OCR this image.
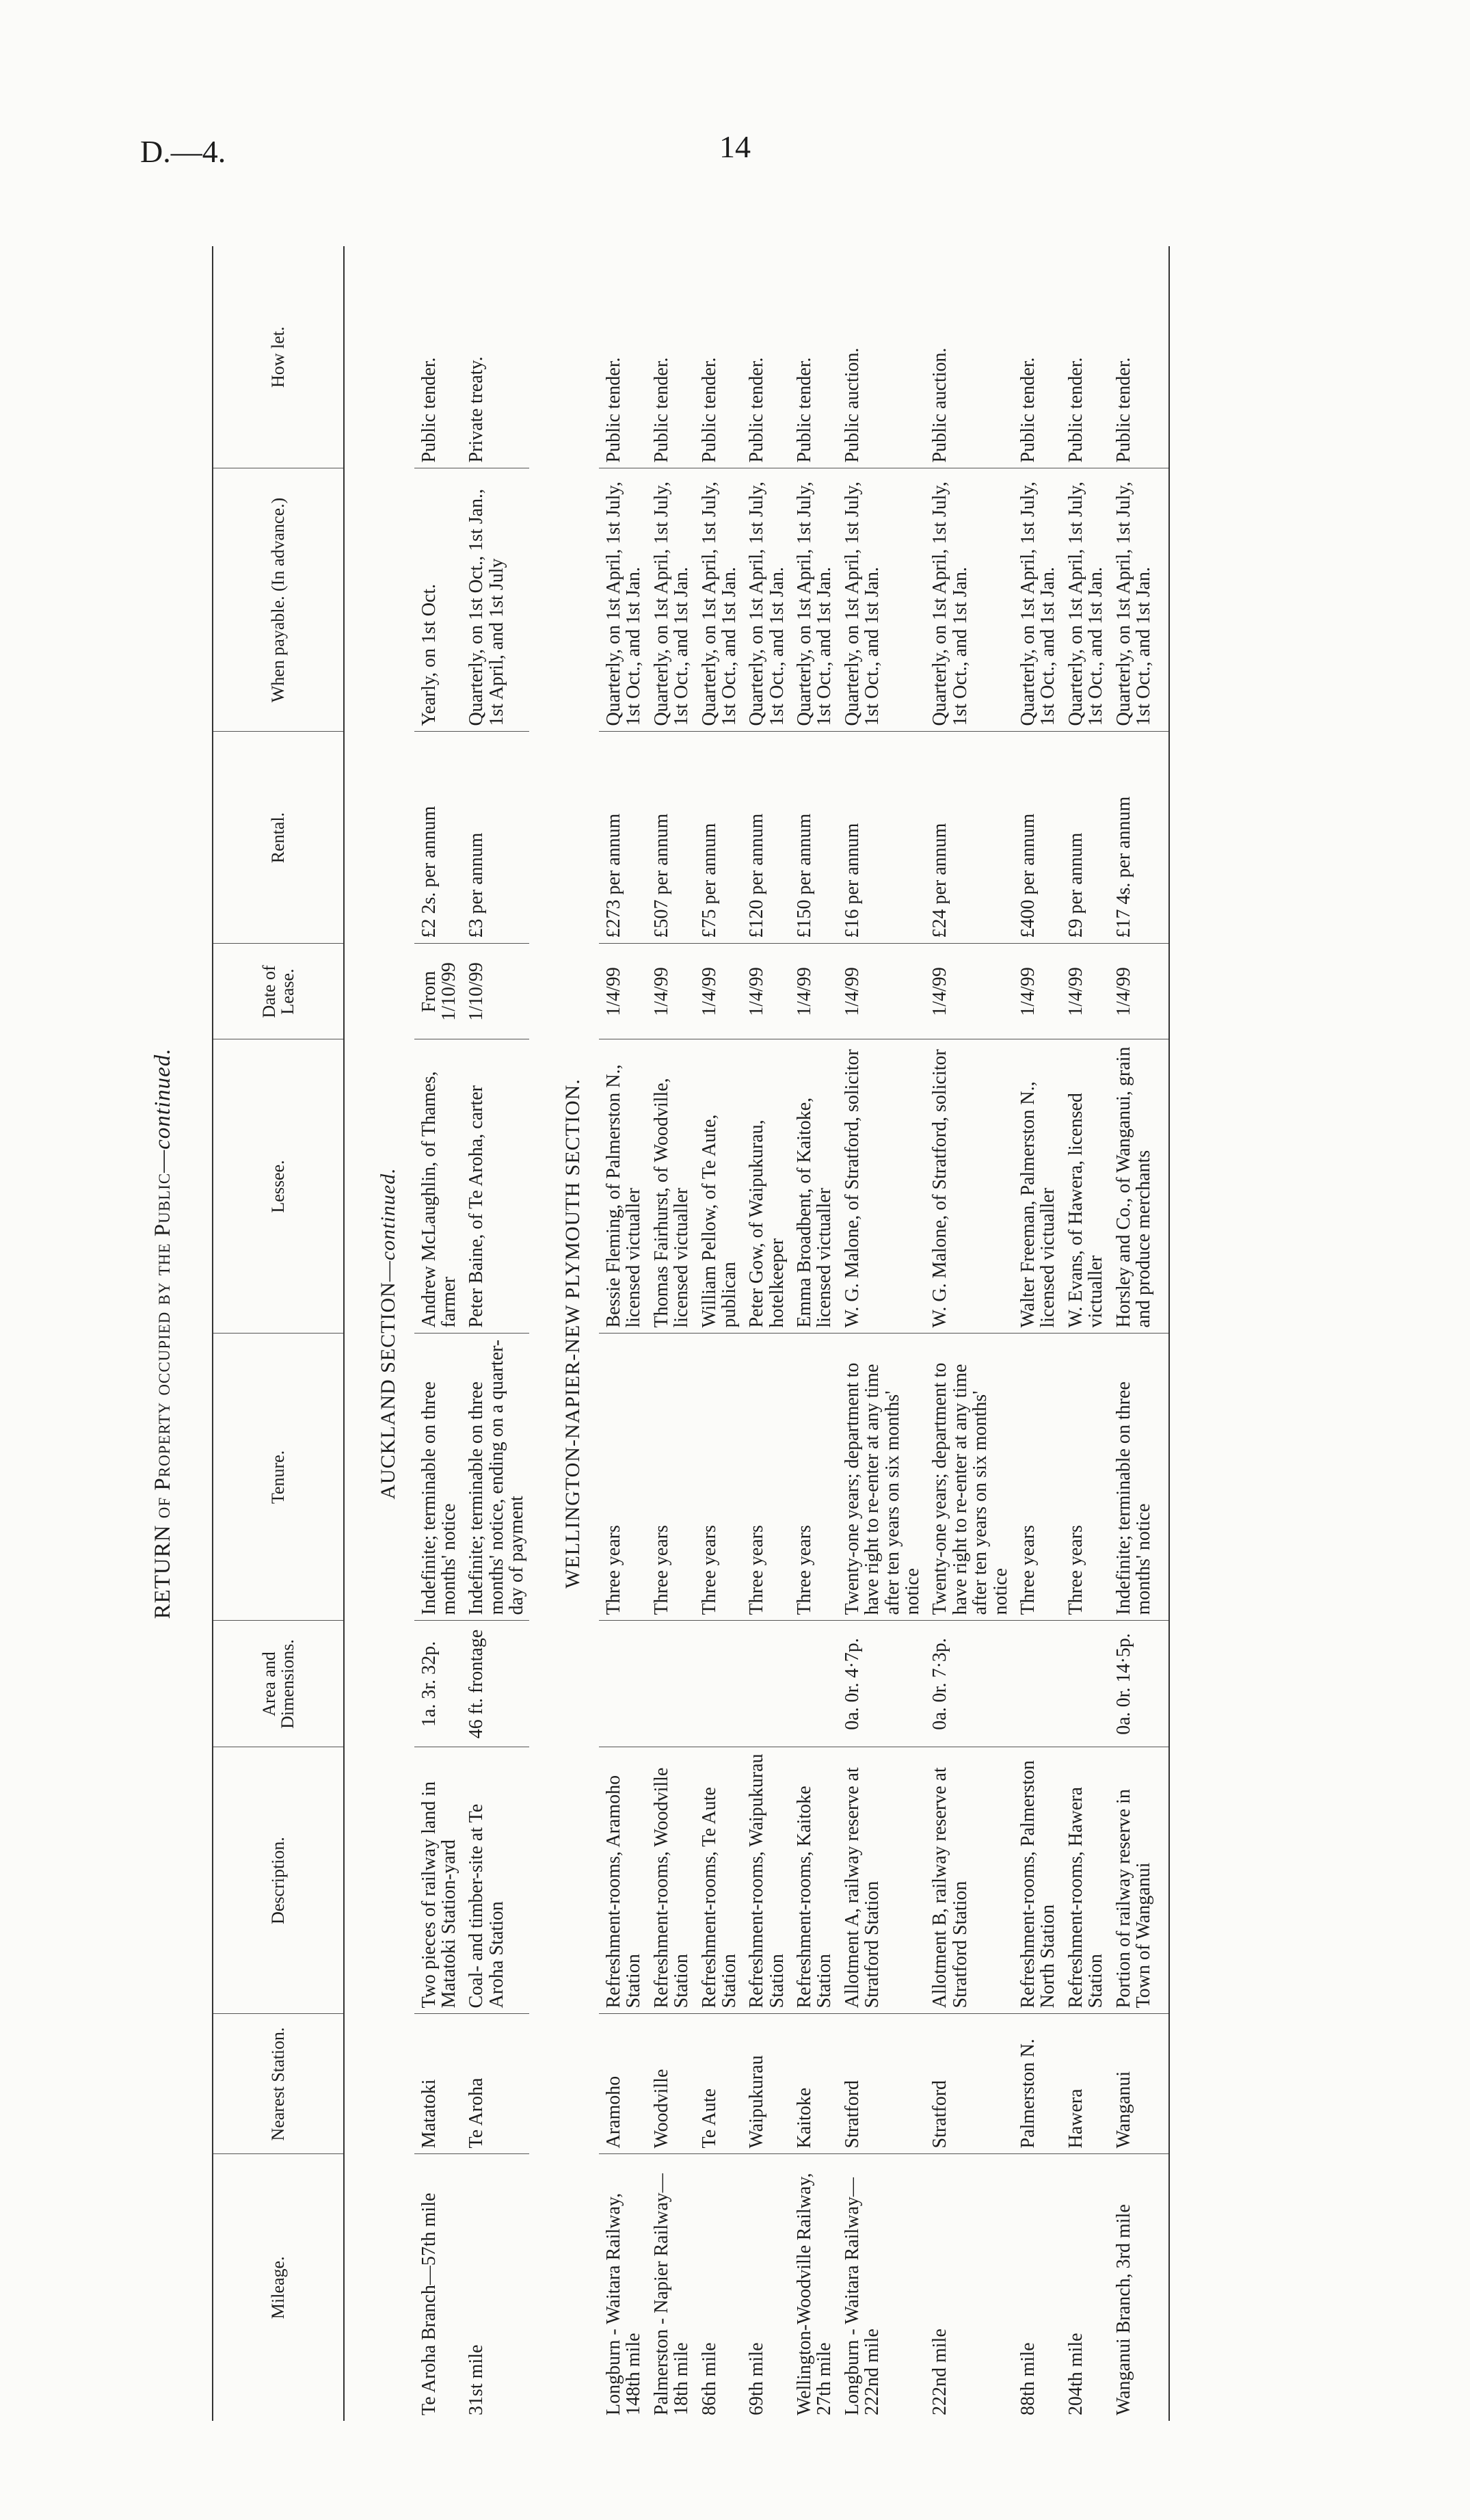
D.—4.	14
RETURN of Property occupied by the Public—continued.
Mileage.	Nearest Station.	Description.	Area and Dimensions.	Tenure.	Lessee.	Date of Lease.	Rental.	When payable. (In advance.)	How let.
AUCKLAND SECTION—continued.									
Te Aroha Branch—57th mile	Matatoki	Two pieces of railway land in Matatoki Station-yard	1a. 3r. 32p.	Indefinite; terminable on three months' notice	Andrew McLaughlin, of Thames, farmer	From 1/10/99	£2 2s. per annum	Yearly, on 1st Oct.	Public tender.
31st mile	Te Aroha	Coal- and timber-site at Te Aroha Station	46 ft. frontage	Indefinite; terminable on three months' notice, ending on a quarter-day of payment	Peter Baine, of Te Aroha, carter	1/10/99	£3 per annum	Quarterly, on 1st Oct., 1st Jan., 1st April, and 1st July	Private treaty.
WELLINGTON-NAPIER-NEW PLYMOUTH SECTION.									
Longburn - Waitara Railway, 148th mile	Aramoho	Refreshment-rooms, Aramoho Station		Three years	Bessie Fleming, of Palmerston N., licensed victualler	1/4/99	£273 per annum	Quarterly, on 1st April, 1st July, 1st Oct., and 1st Jan.	Public tender.
Palmerston - Napier Railway—18th mile	Woodville	Refreshment-rooms, Woodville Station		Three years	Thomas Fairhurst, of Woodville, licensed victualler	1/4/99	£507 per annum	Quarterly, on 1st April, 1st July, 1st Oct., and 1st Jan.	Public tender.
86th mile	Te Aute	Refreshment-rooms, Te Aute Station		Three years	William Pellow, of Te Aute, publican	1/4/99	£75 per annum	Quarterly, on 1st April, 1st July, 1st Oct., and 1st Jan.	Public tender.
69th mile	Waipukurau	Refreshment-rooms, Waipukurau Station		Three years	Peter Gow, of Waipukurau, hotelkeeper	1/4/99	£120 per annum	Quarterly, on 1st April, 1st July, 1st Oct., and 1st Jan.	Public tender.
Wellington-Woodville Railway, 27th mile	Kaitoke	Refreshment-rooms, Kaitoke Station		Three years	Emma Broadbent, of Kaitoke, licensed victualler	1/4/99	£150 per annum	Quarterly, on 1st April, 1st July, 1st Oct., and 1st Jan.	Public tender.
Longburn - Waitara Railway—222nd mile	Stratford	Allotment A, railway reserve at Stratford Station	0a. 0r. 4·7p.	Twenty-one years; department to have right to re-enter at any time after ten years on six months' notice	W. G. Malone, of Stratford, solicitor	1/4/99	£16 per annum	Quarterly, on 1st April, 1st July, 1st Oct., and 1st Jan.	Public auction.
222nd mile	Stratford	Allotment B, railway reserve at Stratford Station	0a. 0r. 7·3p.	Twenty-one years; department to have right to re-enter at any time after ten years on six months' notice	W. G. Malone, of Stratford, solicitor	1/4/99	£24 per annum	Quarterly, on 1st April, 1st July, 1st Oct., and 1st Jan.	Public auction.
88th mile	Palmerston N.	Refreshment-rooms, Palmerston North Station		Three years	Walter Freeman, Palmerston N., licensed victualler	1/4/99	£400 per annum	Quarterly, on 1st April, 1st July, 1st Oct., and 1st Jan.	Public tender.
204th mile	Hawera	Refreshment-rooms, Hawera Station		Three years	W. Evans, of Hawera, licensed victualler	1/4/99	£9 per annum	Quarterly, on 1st April, 1st July, 1st Oct., and 1st Jan.	Public tender.
Wanganui Branch, 3rd mile	Wanganui	Portion of railway reserve in Town of Wanganui	0a. 0r. 14·5p.	Indefinite; terminable on three months' notice	Horsley and Co., of Wanganui, grain and produce merchants	1/4/99	£17 4s. per annum	Quarterly, on 1st April, 1st July, 1st Oct., and 1st Jan.	Public tender.
